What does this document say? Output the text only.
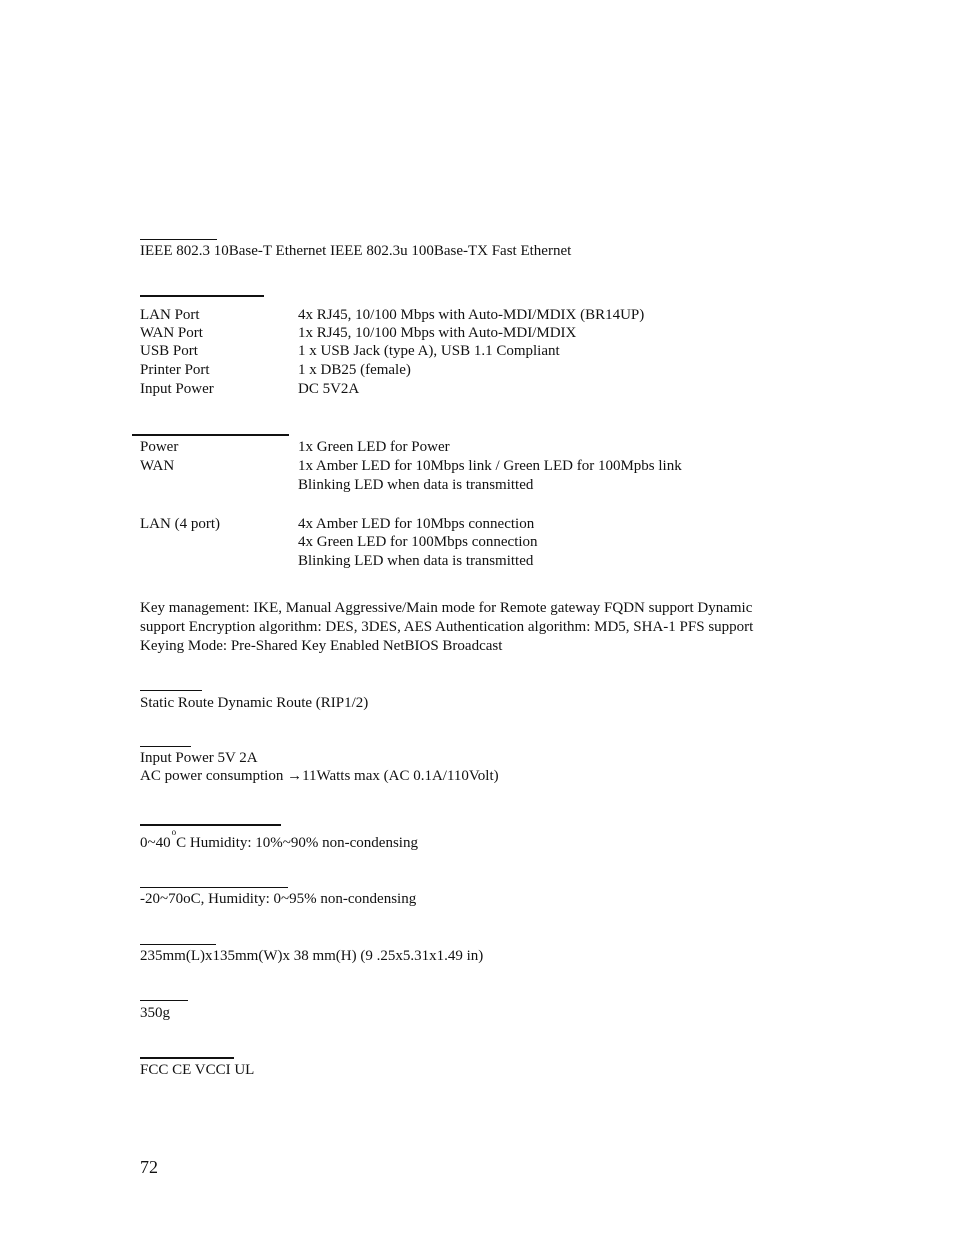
IEEE 802.3 10Base-T Ethernet IEEE 802.3u 100Base-TX Fast Ethernet
LAN Port	4x RJ45, 10/100 Mbps with Auto-MDI/MDIX (BR14UP)
WAN Port	1x RJ45, 10/100 Mbps with Auto-MDI/MDIX
USB Port	1 x USB Jack (type A), USB 1.1 Compliant
Printer Port	1 x DB25 (female)
Input Power	DC 5V2A
Power	1x Green LED for Power
WAN	1x Amber LED for 10Mbps link / Green LED for 100Mpbs link
Blinking LED when data is transmitted
LAN (4 port)	4x Amber LED for 10Mbps connection
4x Green LED for 100Mbps connection
Blinking LED when data is transmitted
Key management: IKE, Manual Aggressive/Main mode for Remote gateway FQDN support Dynamic
support Encryption algorithm: DES, 3DES, AES Authentication algorithm: MD5, SHA-1 PFS support
Keying Mode: Pre-Shared Key Enabled NetBIOS Broadcast
Static Route Dynamic Route (RIP1/2)
Input Power 5V 2A
AC power consumption →11Watts max (AC 0.1A/110Volt)
0~40$^o$C Humidity: 10%~90% non-condensing
-20~70oC, Humidity: 0~95% non-condensing
235mm(L)x135mm(W)x 38 mm(H) (9 .25x5.31x1.49 in)
350g
FCC CE VCCI UL
72
